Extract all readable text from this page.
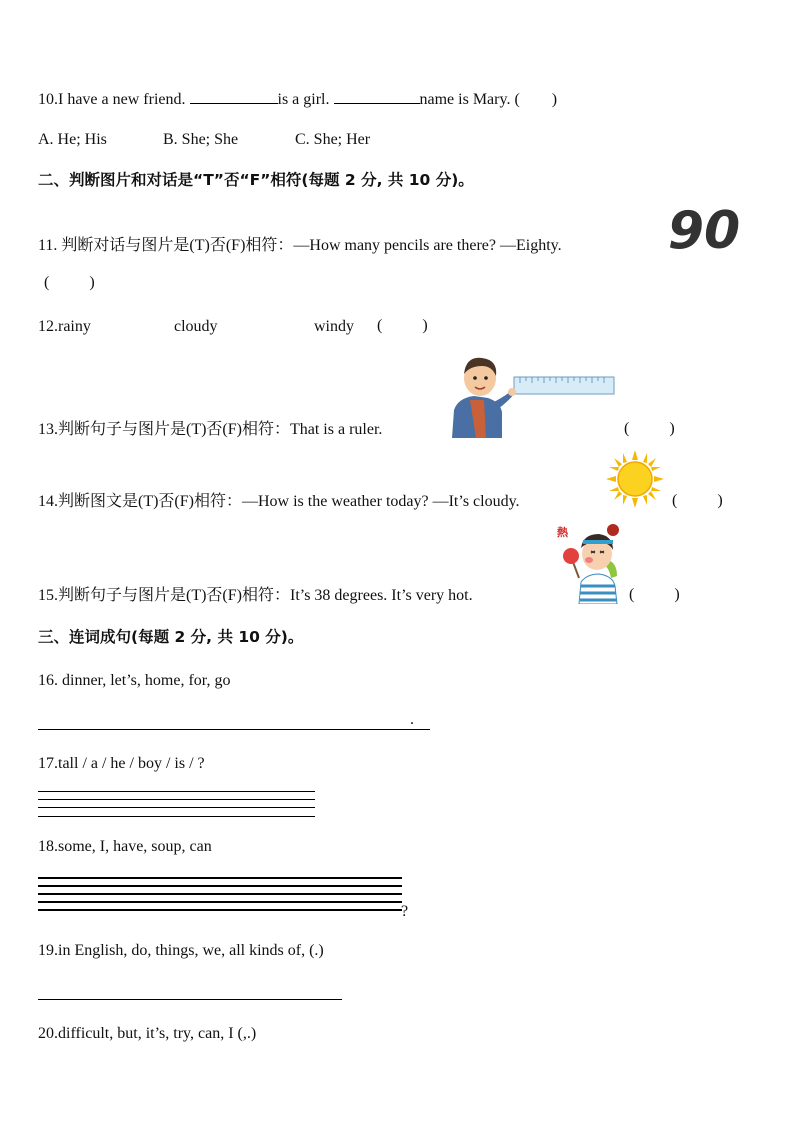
10.I have a new friend.	is a girl.	name is Mary. (        )
A. He; His	B. She; She	C. She; Her
二、判断图片和对话是“T”否“F”相符(每题 2 分, 共 10 分)。
11. 判断对话与图片是(T)否(F)相符：—How many pencils are there? —Eighty. 90
(          )
12.rainy	cloudy	windy (          )
13.判断句子与图片是(T)否(F)相符：That is a ruler.	(          )
14.判断图文是(T)否(F)相符：—How is the weather today? —It’s cloudy.	(          )
熱
15.判断句子与图片是(T)否(F)相符：It’s 38 degrees. It’s very hot.	(          )
三、连词成句(每题 2 分, 共 10 分)。
16. dinner, let’s, home, for, go
.
17.tall / a / he / boy / is / ?
18.some, I, have, soup, can
?
19.in English, do, things, we, all kinds of, (.)
20.difficult, but, it’s, try, can, I (,.)
